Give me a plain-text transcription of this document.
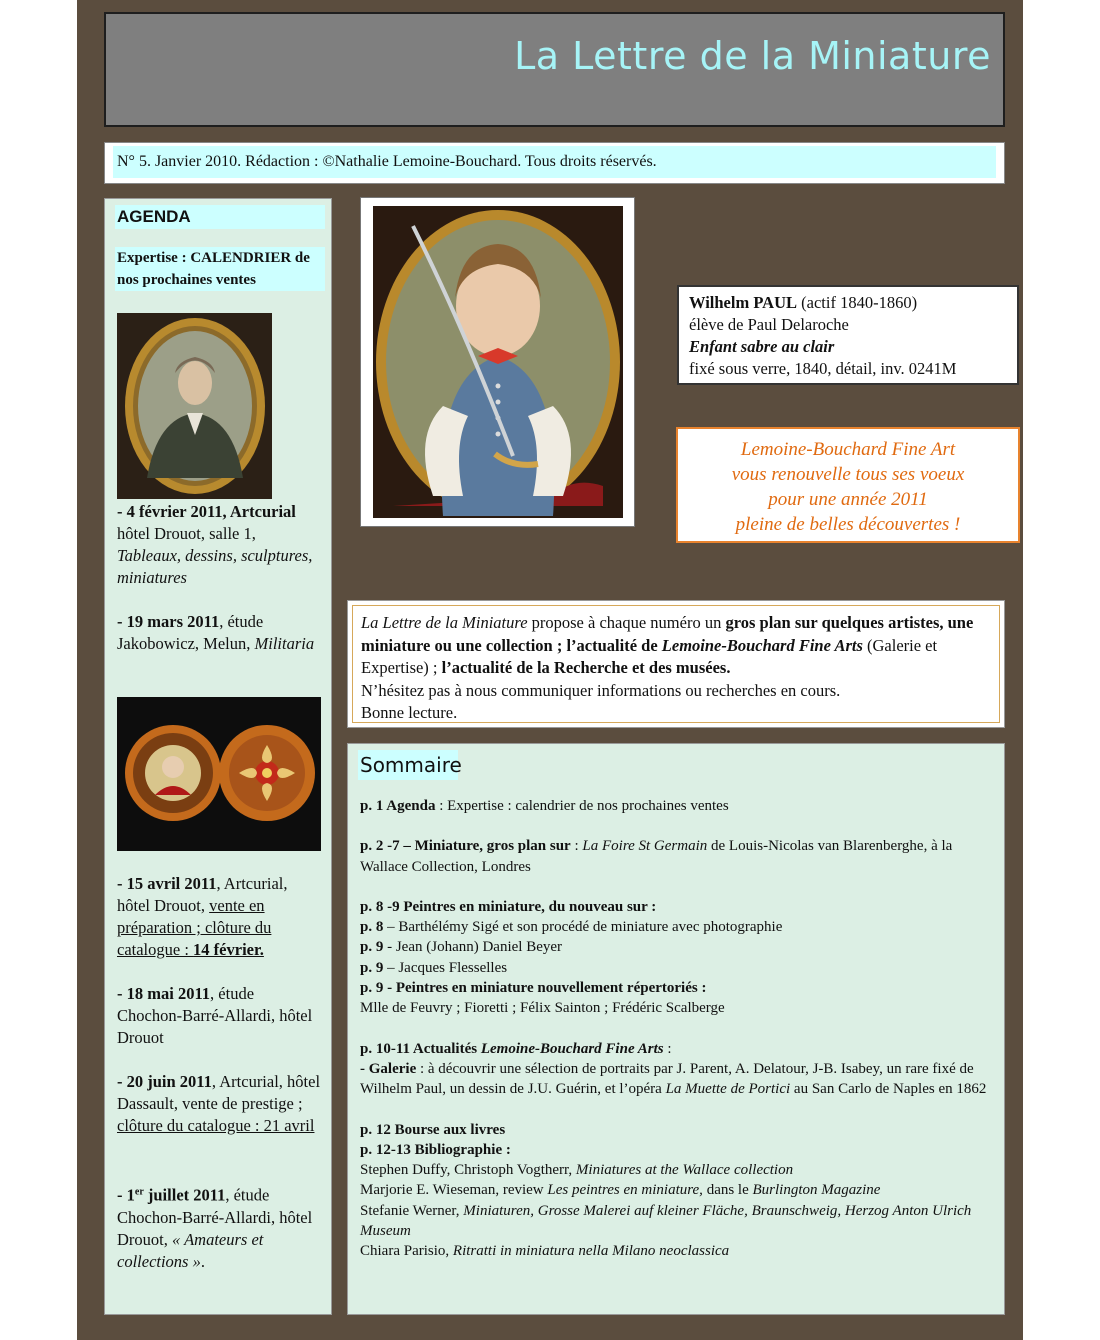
La Lettre de la Miniature
N° 5. Janvier 2010. Rédaction : ©Nathalie Lemoine-Bouchard. Tous droits réservés.
AGENDA
Expertise : CALENDRIER de nos prochaines ventes
- 4 février 2011, Artcurial hôtel Drouot, salle 1, Tableaux, dessins, sculptures, miniatures
- 19 mars 2011, étude Jakobowicz, Melun, Militaria
- 15 avril 2011, Artcurial, hôtel Drouot, vente en préparation ; clôture du catalogue : 14 février.
- 18 mai 2011, étude Chochon-Barré-Allardi, hôtel Drouot
- 20 juin 2011, Artcurial, hôtel Dassault, vente de prestige ; clôture du catalogue : 21 avril
- 1er juillet 2011, étude Chochon-Barré-Allardi, hôtel Drouot, « Amateurs et collections ».
Wilhelm PAUL (actif 1840-1860)
élève de Paul Delaroche
Enfant sabre au clair
fixé sous verre, 1840, détail, inv. 0241M
Lemoine-Bouchard Fine Art
vous renouvelle tous ses voeux
pour une année 2011
pleine de belles découvertes !
La Lettre de la Miniature propose à chaque numéro un gros plan sur quelques artistes, une miniature ou une collection ; l’actualité de Lemoine-Bouchard Fine Arts (Galerie et Expertise) ; l’actualité de la Recherche et des musées.
N’hésitez pas à nous communiquer informations ou recherches en cours.
Bonne lecture.
Sommaire
p. 1 Agenda : Expertise : calendrier de nos prochaines ventes
p. 2 -7 – Miniature, gros plan sur : La Foire St Germain de Louis-Nicolas van Blarenberghe, à la Wallace Collection, Londres
p. 8 -9 Peintres en miniature, du nouveau sur :
p. 8 – Barthélémy Sigé et son procédé de miniature avec photographie
p. 9 - Jean (Johann) Daniel Beyer
p. 9 – Jacques Flesselles
p. 9 - Peintres en miniature nouvellement répertoriés :
Mlle de Feuvry ; Fioretti ; Félix Sainton ; Frédéric Scalberge
p. 10-11 Actualités Lemoine-Bouchard Fine Arts :
- Galerie : à découvrir une sélection de portraits par J. Parent, A. Delatour, J-B. Isabey, un rare fixé de Wilhelm Paul, un dessin de J.U. Guérin, et l’opéra La Muette de Portici au San Carlo de Naples en 1862
p. 12 Bourse aux livres
p. 12-13 Bibliographie :
Stephen Duffy, Christoph Vogtherr, Miniatures at the Wallace collection
Marjorie E. Wieseman, review Les peintres en miniature, dans le Burlington Magazine
Stefanie Werner, Miniaturen, Grosse Malerei auf kleiner Fläche, Braunschweig, Herzog Anton Ulrich Museum
Chiara Parisio, Ritratti in miniatura nella Milano neoclassica
